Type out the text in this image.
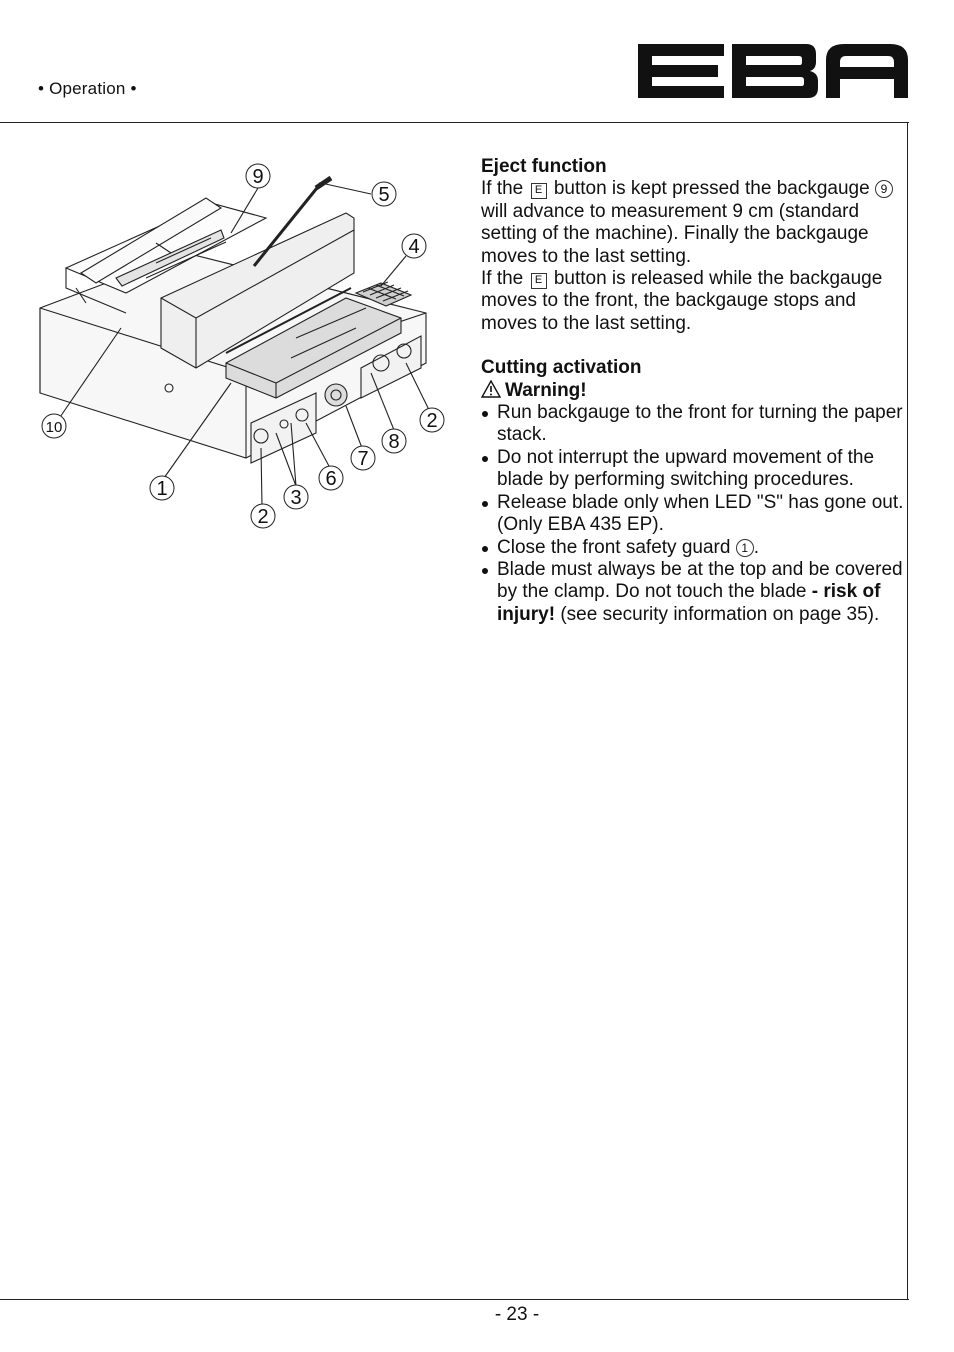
• Operation •
9
5
4
2
8
7
6
3
2
1
10
Eject function

If the E button is kept pressed the backgauge 9 will advance to measurement 9 cm (standard setting of the machine). Finally the backgauge moves to the last setting.

If the E button is released while the backgauge moves to the front, the backgauge stops and moves to the last setting.

Cutting activation
Warning!
Run backgauge to the front for turning the paper stack.
Do not interrupt the upward movement of the blade by performing switching procedures.
Release blade only when LED "S" has gone out. (Only EBA 435 EP).
Close the front safety guard 1 .
Blade must always be at the top and be covered by the clamp. Do not touch the blade - risk of injury! (see security information on page 35).
- 23 -
